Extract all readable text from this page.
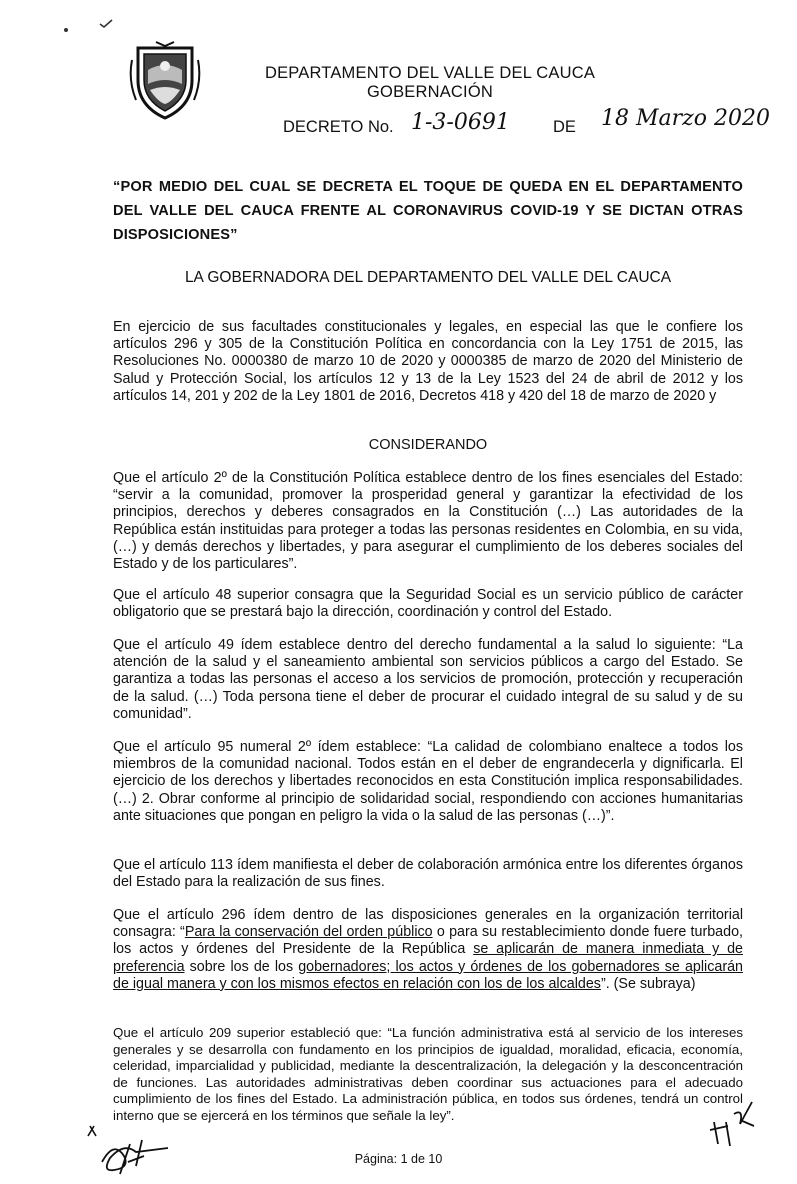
DEPARTAMENTO DEL VALLE DEL CAUCA
GOBERNACIÓN
DECRETO No. 1-3-0691	DE 18 Marzo 2020
“POR MEDIO DEL CUAL SE DECRETA EL TOQUE DE QUEDA EN EL DEPARTAMENTO DEL VALLE DEL CAUCA FRENTE AL CORONAVIRUS COVID-19 Y SE DICTAN OTRAS DISPOSICIONES”
LA GOBERNADORA DEL DEPARTAMENTO DEL VALLE DEL CAUCA

En ejercicio de sus facultades constitucionales y legales, en especial las que le confiere los artículos 296 y 305 de la Constitución Política en concordancia con la Ley 1751 de 2015, las Resoluciones No. 0000380 de marzo 10 de 2020 y 0000385 de marzo de 2020 del Ministerio de Salud y Protección Social, los artículos 12 y 13 de la Ley 1523 del 24 de abril de 2012 y los artículos 14, 201 y 202 de la Ley 1801 de 2016, Decretos 418 y 420 del 18 de marzo de 2020 y

CONSIDERANDO

Que el artículo 2º de la Constitución Política establece dentro de los fines esenciales del Estado: “servir a la comunidad, promover la prosperidad general y garantizar la efectividad de los principios, derechos y deberes consagrados en la Constitución (…) Las autoridades de la República están instituidas para proteger a todas las personas residentes en Colombia, en su vida, (…) y demás derechos y libertades, y para asegurar el cumplimiento de los deberes sociales del Estado y de los particulares”.

Que el artículo 48 superior consagra que la Seguridad Social es un servicio público de carácter obligatorio que se prestará bajo la dirección, coordinación y control del Estado.

Que el artículo 49 ídem establece dentro del derecho fundamental a la salud lo siguiente: “La atención de la salud y el saneamiento ambiental son servicios públicos a cargo del Estado. Se garantiza a todas las personas el acceso a los servicios de promoción, protección y recuperación de la salud. (…) Toda persona tiene el deber de procurar el cuidado integral de su salud y de su comunidad”.

Que el artículo 95 numeral 2º ídem establece: “La calidad de colombiano enaltece a todos los miembros de la comunidad nacional. Todos están en el deber de engrandecerla y dignificarla. El ejercicio de los derechos y libertades reconocidos en esta Constitución implica responsabilidades. (…) 2. Obrar conforme al principio de solidaridad social, respondiendo con acciones humanitarias ante situaciones que pongan en peligro la vida o la salud de las personas (…)”.

Que el artículo 113 ídem manifiesta el deber de colaboración armónica entre los diferentes órganos del Estado para la realización de sus fines.

Que el artículo 296 ídem dentro de las disposiciones generales en la organización territorial consagra: “Para la conservación del orden público o para su restablecimiento donde fuere turbado, los actos y órdenes del Presidente de la República se aplicarán de manera inmediata y de preferencia sobre los de los gobernadores; los actos y órdenes de los gobernadores se aplicarán de igual manera y con los mismos efectos en relación con los de los alcaldes”. (Se subraya)

Que el artículo 209 superior estableció que: “La función administrativa está al servicio de los intereses generales y se desarrolla con fundamento en los principios de igualdad, moralidad, eficacia, economía, celeridad, imparcialidad y publicidad, mediante la descentralización, la delegación y la desconcentración de funciones. Las autoridades administrativas deben coordinar sus actuaciones para el adecuado cumplimiento de los fines del Estado. La administración pública, en todos sus órdenes, tendrá un control interno que se ejercerá en los términos que señale la ley”.

Página: 1 de 10
